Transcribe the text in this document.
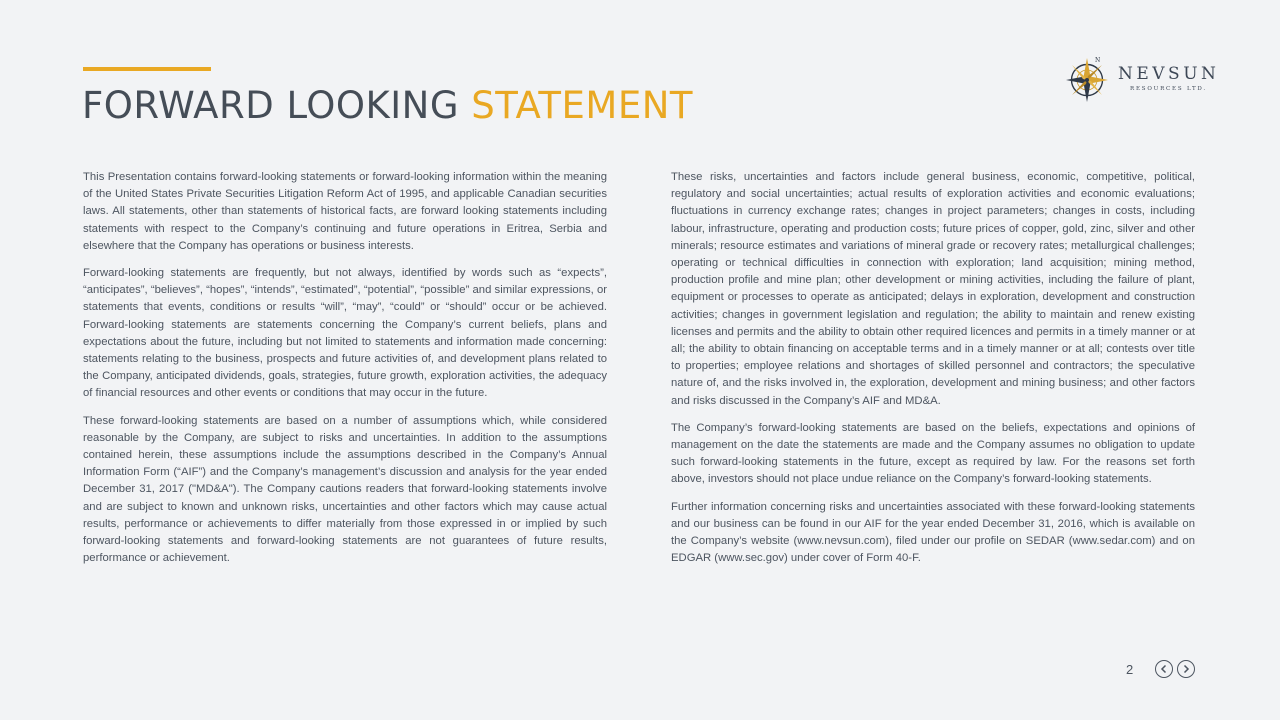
FORWARD LOOKING STATEMENT
N
NEVSUN
RESOURCES LTD.

This Presentation contains forward-looking statements or forward-looking information within the meaning of the United States Private Securities Litigation Reform Act of 1995, and applicable Canadian securities laws. All statements, other than statements of historical facts, are forward looking statements including statements with respect to the Company’s continuing and future operations in Eritrea, Serbia and elsewhere that the Company has operations or business interests.

Forward-looking statements are frequently, but not always, identified by words such as “expects”, “anticipates”, “believes”, “hopes”, “intends”, “estimated”, “potential”, “possible” and similar expressions, or statements that events, conditions or results “will”, “may”, “could” or “should” occur or be achieved. Forward-looking statements are statements concerning the Company’s current beliefs, plans and expectations about the future, including but not limited to statements and information made concerning: statements relating to the business, prospects and future activities of, and development plans related to the Company, anticipated dividends, goals, strategies, future growth, exploration activities, the adequacy of financial resources and other events or conditions that may occur in the future.

These forward-looking statements are based on a number of assumptions which, while considered reasonable by the Company, are subject to risks and uncertainties. In addition to the assumptions contained herein, these assumptions include the assumptions described in the Company’s Annual Information Form (“AIF”) and the Company’s management’s discussion and analysis for the year ended December 31, 2017 ("MD&A"). The Company cautions readers that forward-looking statements involve and are subject to known and unknown risks, uncertainties and other factors which may cause actual results, performance or achievements to differ materially from those expressed in or implied by such forward-looking statements and forward-looking statements are not guarantees of future results, performance or achievement.

These risks, uncertainties and factors include general business, economic, competitive, political, regulatory and social uncertainties; actual results of exploration activities and economic evaluations; fluctuations in currency exchange rates; changes in project parameters; changes in costs, including labour, infrastructure, operating and production costs; future prices of copper, gold, zinc, silver and other minerals; resource estimates and variations of mineral grade or recovery rates; metallurgical challenges; operating or technical difficulties in connection with exploration; land acquisition; mining method, production profile and mine plan; other development or mining activities, including the failure of plant, equipment or processes to operate as anticipated; delays in exploration, development and construction activities; changes in government legislation and regulation; the ability to maintain and renew existing licenses and permits and the ability to obtain other required licences and permits in a timely manner or at all; the ability to obtain financing on acceptable terms and in a timely manner or at all; contests over title to properties; employee relations and shortages of skilled personnel and contractors; the speculative nature of, and the risks involved in, the exploration, development and mining business; and other factors and risks discussed in the Company’s AIF and MD&A.

The Company’s forward-looking statements are based on the beliefs, expectations and opinions of management on the date the statements are made and the Company assumes no obligation to update such forward-looking statements in the future, except as required by law. For the reasons set forth above, investors should not place undue reliance on the Company’s forward-looking statements.

Further information concerning risks and uncertainties associated with these forward-looking statements and our business can be found in our AIF for the year ended December 31, 2016, which is available on the Company’s website (www.nevsun.com), filed under our profile on SEDAR (www.sedar.com) and on EDGAR (www.sec.gov) under cover of Form 40-F.

2
